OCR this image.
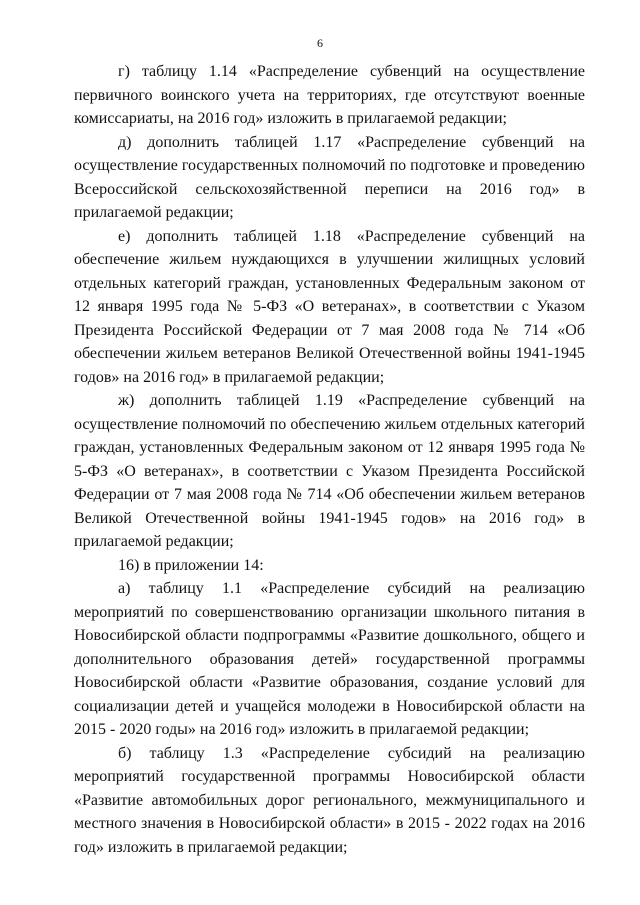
6

г) таблицу 1.14 «Распределение субвенций на осуществление первичного воинского учета на территориях, где отсутствуют военные комиссариаты, на 2016 год» изложить в прилагаемой редакции;

д) дополнить таблицей 1.17 «Распределение субвенций на осуществление государственных полномочий по подготовке и проведению Всероссийской сельскохозяйственной переписи на 2016 год» в прилагаемой редакции;

е) дополнить таблицей 1.18 «Распределение субвенций на обеспечение жильем нуждающихся в улучшении жилищных условий отдельных категорий граждан, установленных Федеральным законом от 12 января 1995 года № 5-ФЗ «О ветеранах», в соответствии с Указом Президента Российской Федерации от 7 мая 2008 года № 714 «Об обеспечении жильем ветеранов Великой Отечественной войны 1941-1945 годов» на 2016 год» в прилагаемой редакции;

ж) дополнить таблицей 1.19 «Распределение субвенций на осуществление полномочий по обеспечению жильем отдельных категорий граждан, установленных Федеральным законом от 12 января 1995 года № 5-ФЗ «О ветеранах», в соответствии с Указом Президента Российской Федерации от 7 мая 2008 года № 714 «Об обеспечении жильем ветеранов Великой Отечественной войны 1941-1945 годов» на 2016 год» в прилагаемой редакции;

16) в приложении 14:

а) таблицу 1.1 «Распределение субсидий на реализацию мероприятий по совершенствованию организации школьного питания в Новосибирской области подпрограммы «Развитие дошкольного, общего и дополнительного образования детей» государственной программы Новосибирской области «Развитие образования, создание условий для социализации детей и учащейся молодежи в Новосибирской области на 2015 - 2020 годы» на 2016 год» изложить в прилагаемой редакции;

б) таблицу 1.3 «Распределение субсидий на реализацию мероприятий государственной программы Новосибирской области «Развитие автомобильных дорог регионального, межмуниципального и местного значения в Новосибирской области» в 2015 - 2022 годах на 2016 год» изложить в прилагаемой редакции;
